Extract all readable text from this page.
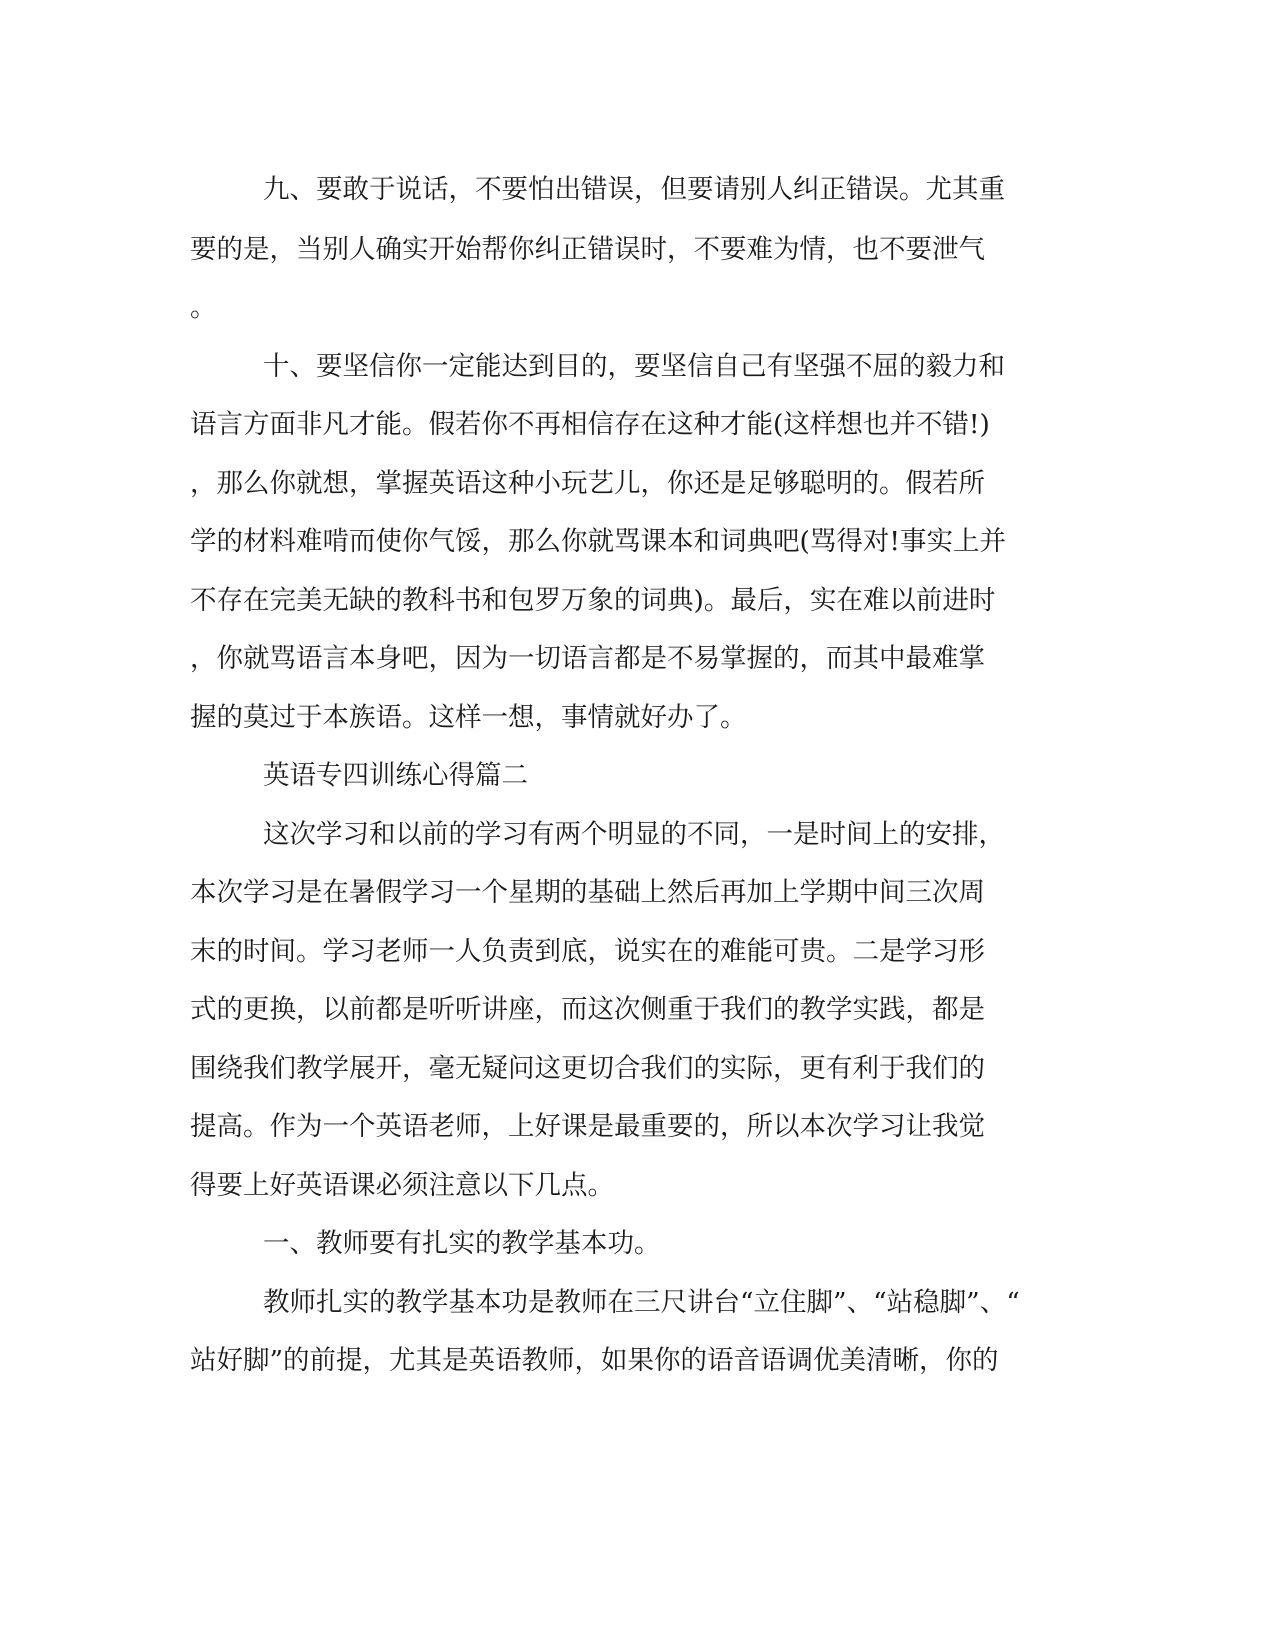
九、要敢于说话，不要怕出错误，但要请别人纠正错误。尤其重
要的是，当别人确实开始帮你纠正错误时，不要难为情，也不要泄气
。
十、要坚信你一定能达到目的，要坚信自己有坚强不屈的毅力和
语言方面非凡才能。假若你不再相信存在这种才能(这样想也并不错!)
，那么你就想，掌握英语这种小玩艺儿，你还是足够聪明的。假若所
学的材料难啃而使你气馁，那么你就骂课本和词典吧(骂得对!事实上并
不存在完美无缺的教科书和包罗万象的词典)。最后，实在难以前进时
，你就骂语言本身吧，因为一切语言都是不易掌握的，而其中最难掌
握的莫过于本族语。这样一想，事情就好办了。
英语专四训练心得篇二
这次学习和以前的学习有两个明显的不同，一是时间上的安排，
本次学习是在暑假学习一个星期的基础上然后再加上学期中间三次周
末的时间。学习老师一人负责到底，说实在的难能可贵。二是学习形
式的更换，以前都是听听讲座，而这次侧重于我们的教学实践，都是
围绕我们教学展开，毫无疑问这更切合我们的实际，更有利于我们的
提高。作为一个英语老师，上好课是最重要的，所以本次学习让我觉
得要上好英语课必须注意以下几点。
一、教师要有扎实的教学基本功。
教师扎实的教学基本功是教师在三尺讲台“立住脚”、“站稳脚”、“
站好脚”的前提，尤其是英语教师，如果你的语音语调优美清晰，你的
